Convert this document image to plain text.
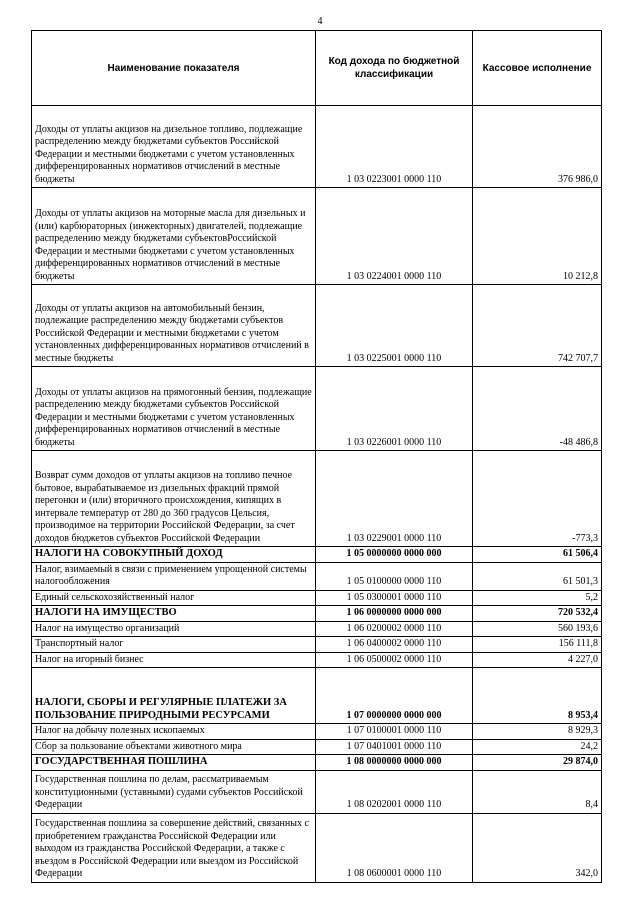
4
Наименование показателя	Код дохода по бюджетной классификации	Кассовое исполнение
Доходы от уплаты акцизов на дизельное топливо, подлежащие распределению между бюджетами субъектов Российской Федерации и местными бюджетами с учетом установленных дифференцированных нормативов отчислений в местные бюджеты	1 03 0223001 0000 110	376 986,0
Доходы от уплаты акцизов на моторные масла для дизельных и (или) карбюраторных (инжекторных) двигателей, подлежащие распределению между бюджетами субъектовРоссийской Федерации и местными бюджетами с учетом установленных дифференцированных нормативов отчислений в местные бюджеты	1 03 0224001 0000 110	10 212,8
Доходы от уплаты акцизов на автомобильный бензин, подлежащие распределению между бюджетами субъектов Российской Федерации и местными бюджетами с учетом установленных дифференцированных нормативов отчислений в местные бюджеты	1 03 0225001 0000 110	742 707,7
Доходы от уплаты акцизов на прямогонный бензин, подлежащие распределению между бюджетами субъектов Российской Федерации и местными бюджетами с учетом установленных дифференцированных нормативов отчислений в местные бюджеты	1 03 0226001 0000 110	-48 486,8
Возврат сумм доходов от уплаты акцизов на топливо печное бытовое, вырабатываемое из дизельных фракций прямой перегонки и (или) вторичного происхождения, кипящих в интервале температур от 280 до 360 градусов Цельсия, производимое на территории Российской Федерации, за счет доходов бюджетов субъектов Российской Федерации	1 03 0229001 0000 110	-773,3
НАЛОГИ НА СОВОКУПНЫЙ ДОХОД	1 05 0000000 0000 000	61 506,4
Налог, взимаемый в связи с применением упрощенной системы налогообложения	1 05 0100000 0000 110	61 501,3
Единый сельскохозяйственный налог	1 05 0300001 0000 110	5,2
НАЛОГИ НА ИМУЩЕСТВО	1 06 0000000 0000 000	720 532,4
Налог на имущество организаций	1 06 0200002 0000 110	560 193,6
Транспортный налог	1 06 0400002 0000 110	156 111,8
Налог на игорный бизнес	1 06 0500002 0000 110	4 227,0
НАЛОГИ, СБОРЫ И РЕГУЛЯРНЫЕ ПЛАТЕЖИ ЗА ПОЛЬЗОВАНИЕ ПРИРОДНЫМИ РЕСУРСАМИ	1 07 0000000 0000 000	8 953,4
Налог на добычу полезных ископаемых	1 07 0100001 0000 110	8 929,3
Сбор за пользование объектами животного мира	1 07 0401001 0000 110	24,2
ГОСУДАРСТВЕННАЯ ПОШЛИНА	1 08 0000000 0000 000	29 874,0
Государственная пошлина по делам, рассматриваемым конституционными (уставными) судами субъектов Российской Федерации	1 08 0202001 0000 110	8,4
Государственная пошлина за совершение действий, связанных с приобретением гражданства Российской Федерации или выходом из гражданства Российской Федерации, а также с въездом в Российской Федерации или выездом из Российской Федерации	1 08 0600001 0000 110	342,0
